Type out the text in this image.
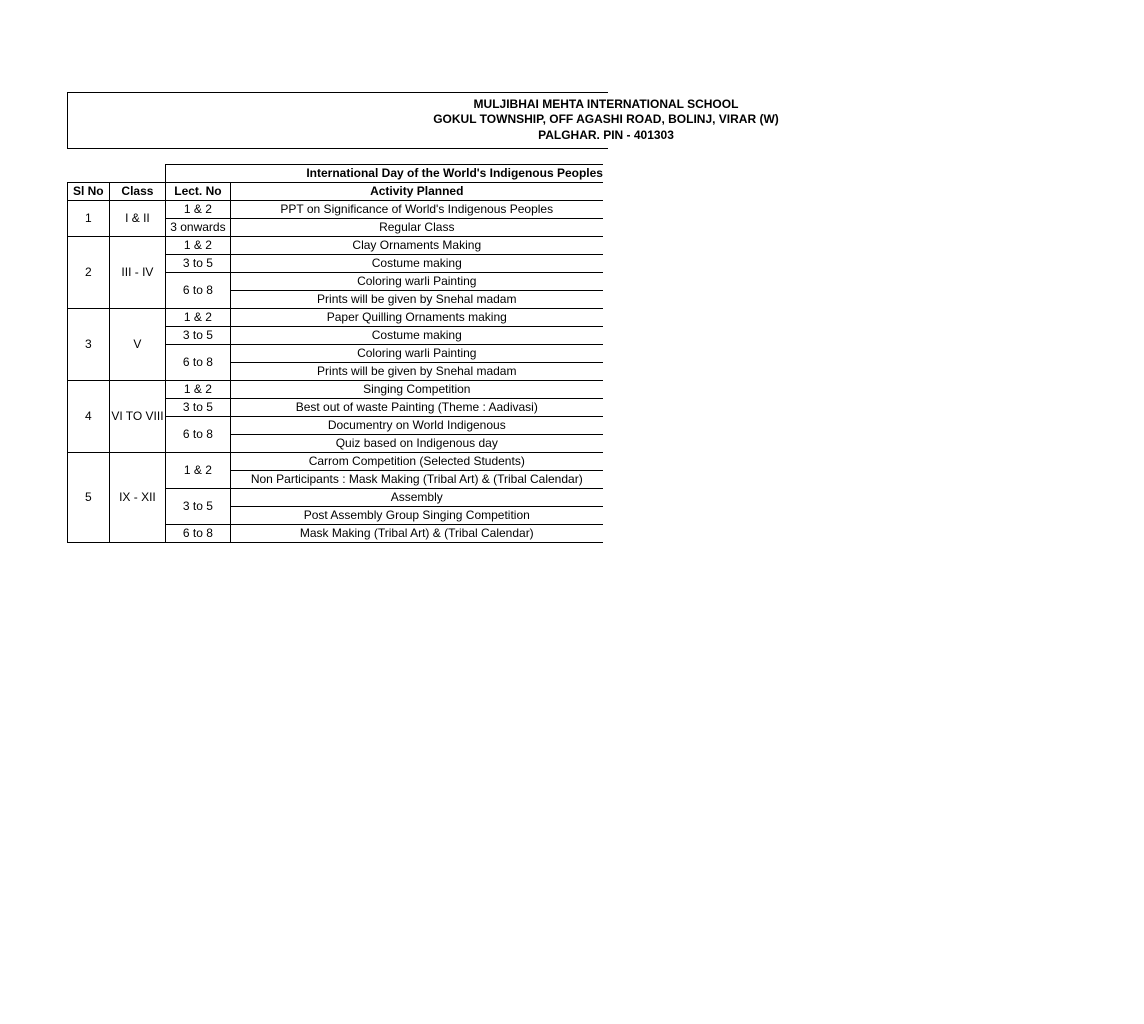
MULJIBHAI MEHTA INTERNATIONAL SCHOOL
GOKUL TOWNSHIP, OFF AGASHI ROAD, BOLINJ, VIRAR (W)
PALGHAR. PIN - 401303
		International Day of the World's Indigenous Peoples	
Sl No	Class	Lect. No	Activity Planned
1	I & II	1 & 2	PPT on Significance of World's Indigenous Peoples
		3 onwards	Regular Class
2	III - IV	1 & 2	Clay Ornaments Making
		3 to 5	Costume making
		6 to 8	Coloring warli Painting
			Prints will be given by Snehal madam
3	V	1 & 2	Paper Quilling Ornaments making
		3 to 5	Costume making
		6 to 8	Coloring warli Painting
			Prints will be given by Snehal madam
4	VI TO VIII	1 & 2	Singing Competition
		3 to 5	Best out of waste Painting (Theme : Aadivasi)
		6 to 8	Documentry on World Indigenous
			Quiz based on Indigenous day
5	IX - XII	1 & 2	Carrom Competition (Selected Students)
			Non Participants : Mask Making (Tribal Art) & (Tribal Calendar)
		3 to 5	Assembly
			Post Assembly Group Singing Competition
		6 to 8	Mask Making (Tribal Art) & (Tribal Calendar)
